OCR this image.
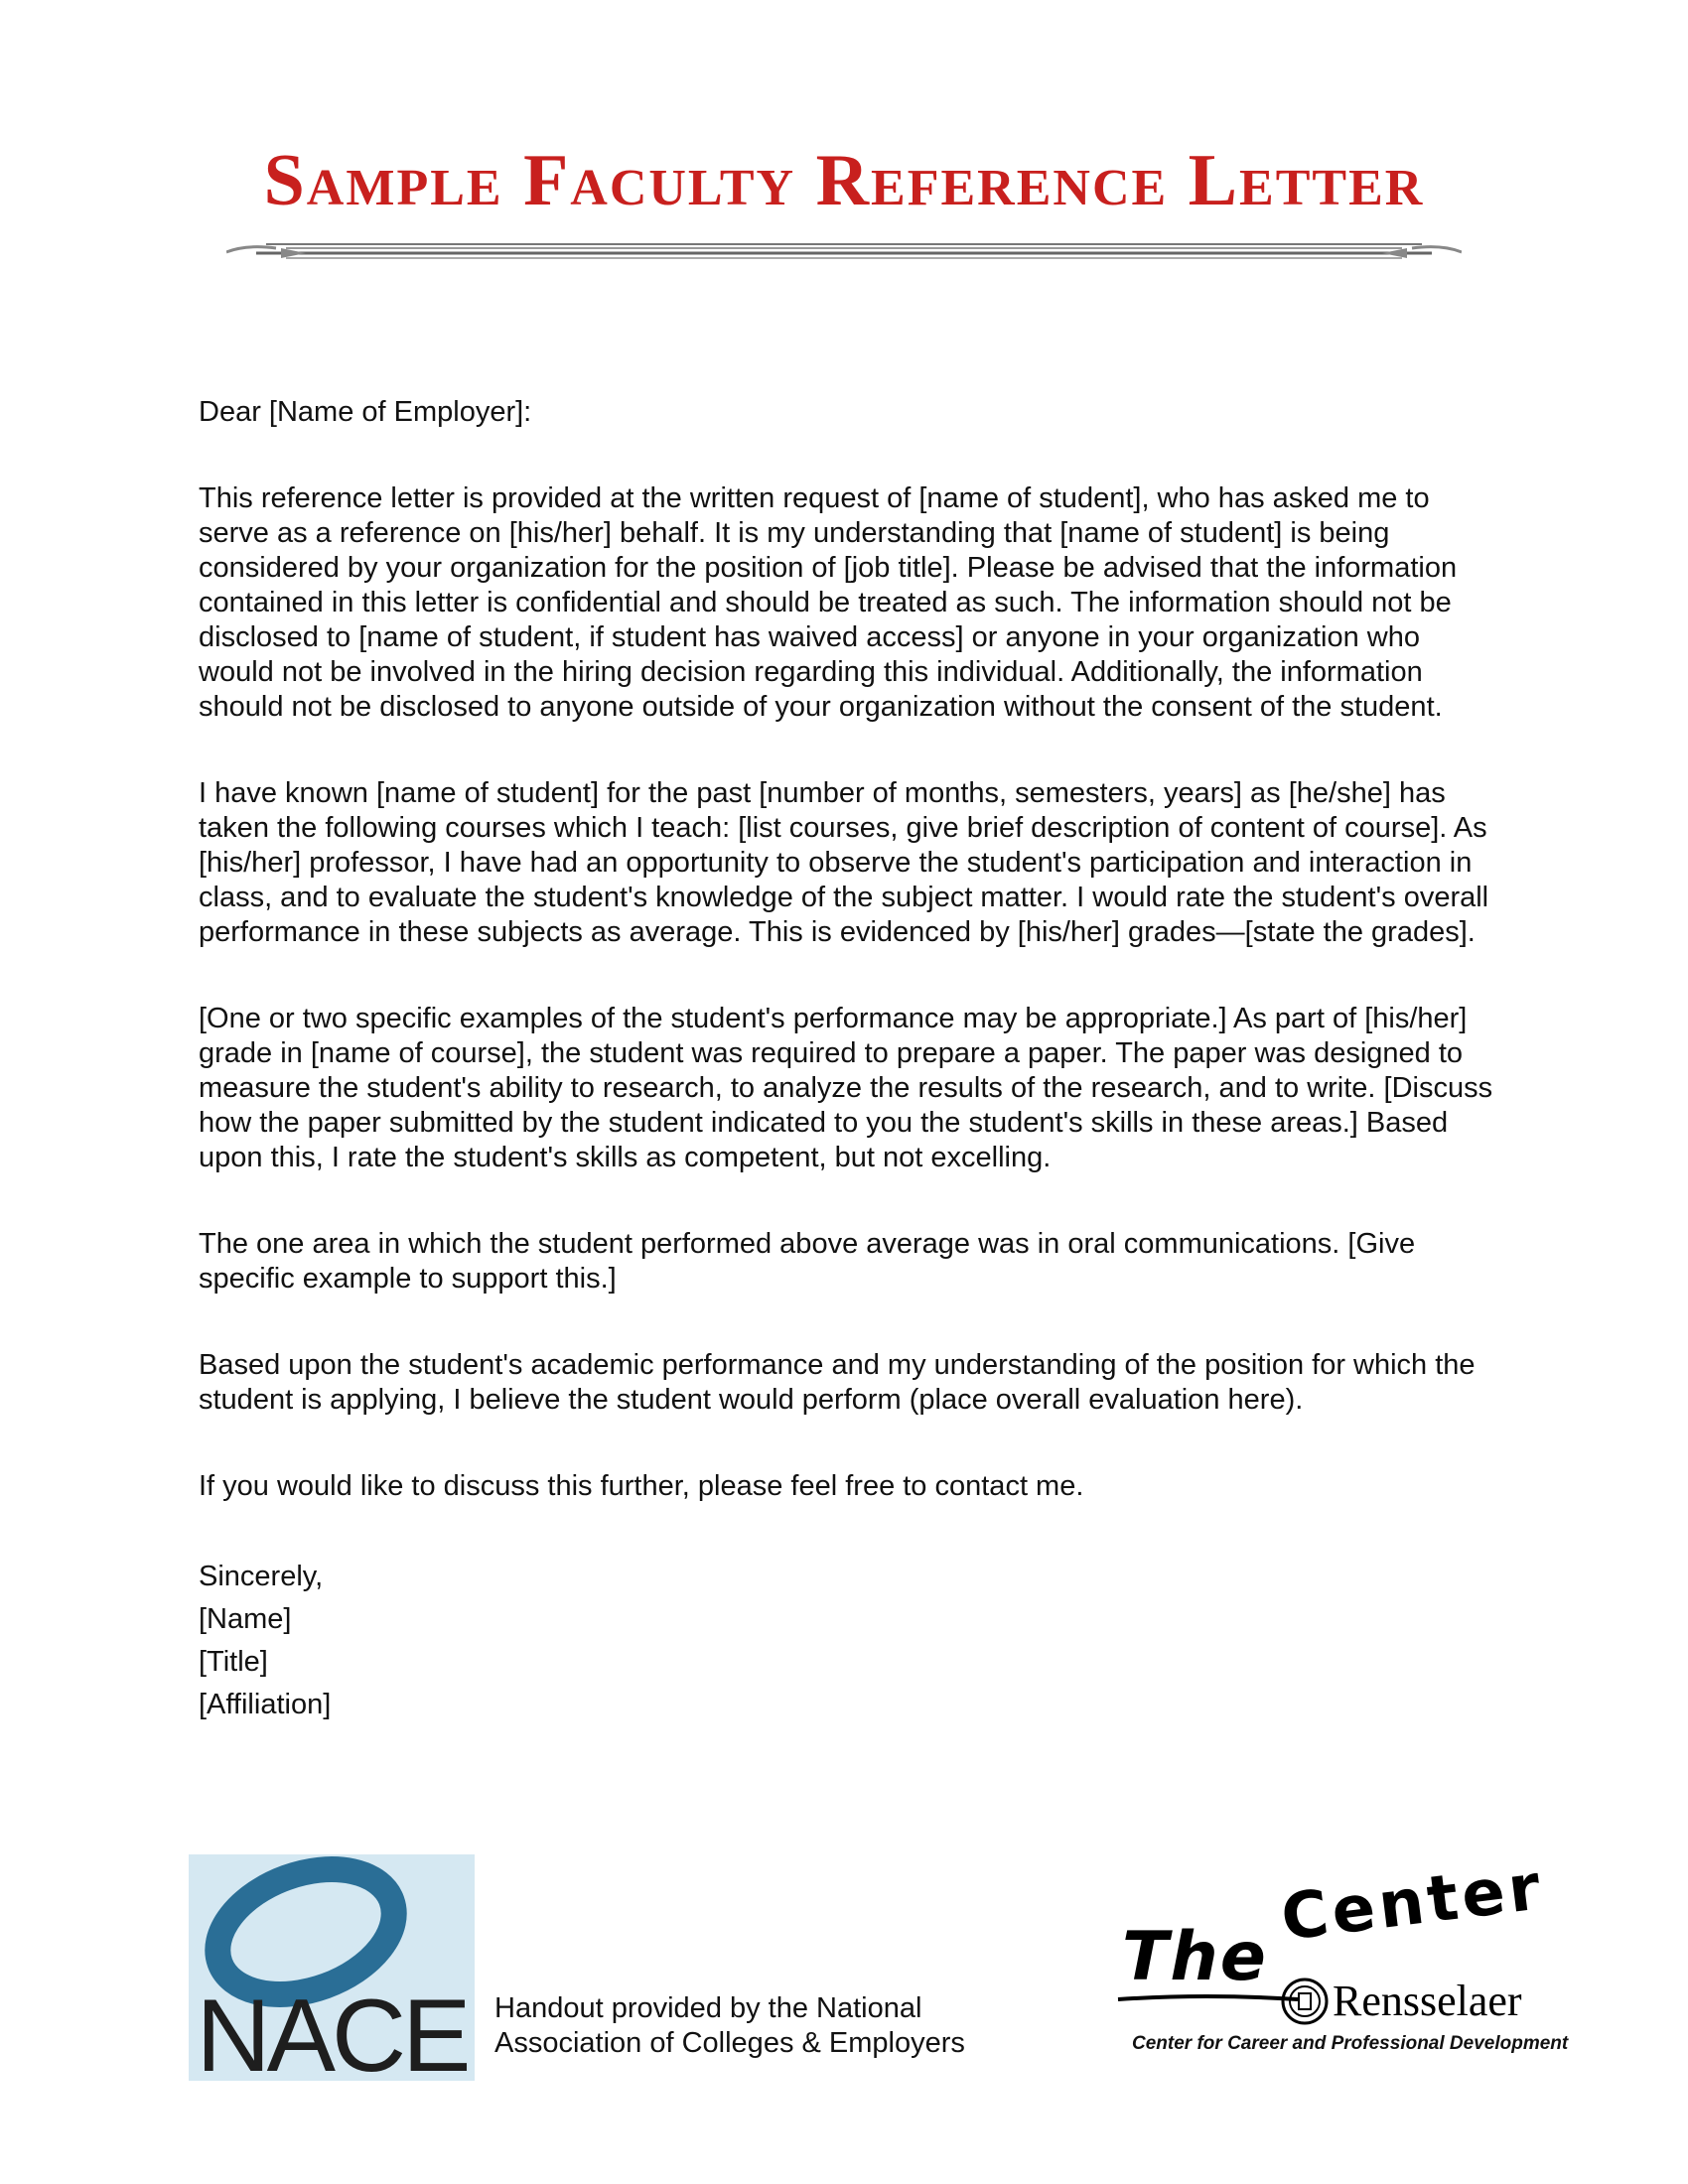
Sample Faculty Reference Letter

Dear [Name of Employer]:

This reference letter is provided at the written request of [name of student], who has asked me to serve as a reference on [his/her] behalf. It is my understanding that [name of student] is being considered by your organization for the position of [job title]. Please be advised that the information contained in this letter is confidential and should be treated as such. The information should not be disclosed to [name of student, if student has waived access] or anyone in your organization who would not be involved in the hiring decision regarding this individual. Additionally, the information should not be disclosed to anyone outside of your organization without the consent of the student.

I have known [name of student] for the past [number of months, semesters, years] as [he/she] has taken the following courses which I teach: [list courses, give brief description of content of course]. As [his/her] professor, I have had an opportunity to observe the student's participation and interaction in class, and to evaluate the student's knowledge of the subject matter. I would rate the student's overall performance in these subjects as average. This is evidenced by [his/her] grades—[state the grades].

[One or two specific examples of the student's performance may be appropriate.] As part of [his/her] grade in [name of course], the student was required to prepare a paper. The paper was designed to measure the student's ability to research, to analyze the results of the research, and to write. [Discuss how the paper submitted by the student indicated to you the student's skills in these areas.] Based upon this, I rate the student's skills as competent, but not excelling.

The one area in which the student performed above average was in oral communications. [Give specific example to support this.]

Based upon the student's academic performance and my understanding of the position for which the student is applying, I believe the student would perform (place overall evaluation here).

If you would like to discuss this further, please feel free to contact me.

Sincerely,

[Name]

[Title]

[Affiliation]

NACE Handout provided by the National
Association of Colleges & Employers
The
Center
Rensselaer
Center for Career and Professional Development
